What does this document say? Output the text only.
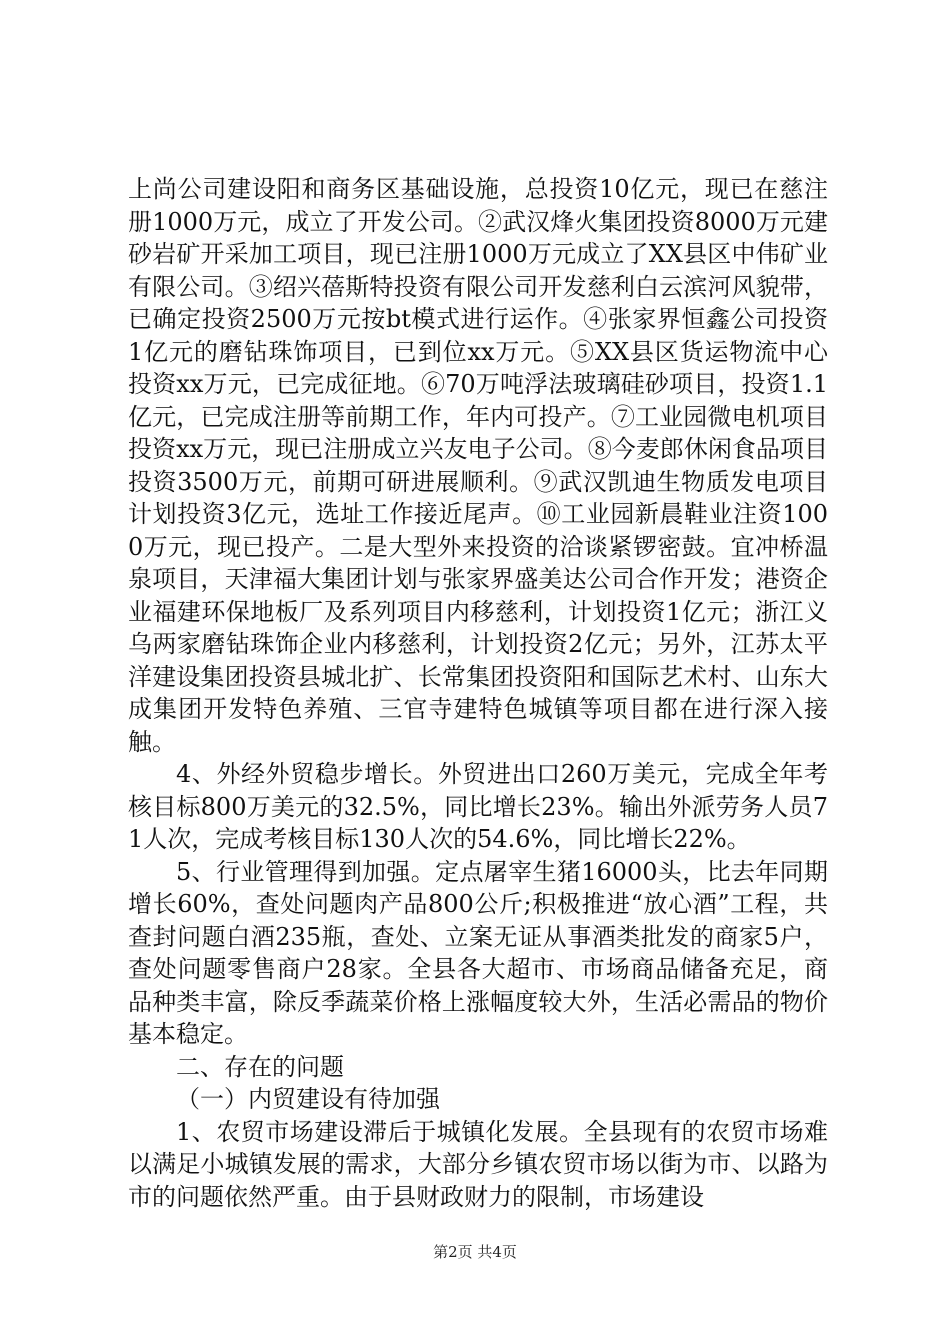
上尚公司建设阳和商务区基础设施，总投资10亿元，现已在慈注册1000万元，成立了开发公司。②武汉烽火集团投资8000万元建砂岩矿开采加工项目，现已注册1000万元成立了XX县区中伟矿业有限公司。③绍兴蓓斯特投资有限公司开发慈利白云滨河风貌带，已确定投资2500万元按bt模式进行运作。④张家界恒鑫公司投资1亿元的磨钻珠饰项目，已到位xx万元。⑤XX县区货运物流中心投资xx万元，已完成征地。⑥70万吨浮法玻璃硅砂项目，投资1.1亿元，已完成注册等前期工作，年内可投产。⑦工业园微电机项目投资xx万元，现已注册成立兴友电子公司。⑧今麦郎休闲食品项目投资3500万元，前期可研进展顺利。⑨武汉凯迪生物质发电项目计划投资3亿元，选址工作接近尾声。⑩工业园新晨鞋业注资1000万元，现已投产。二是大型外来投资的洽谈紧锣密鼓。宜冲桥温泉项目，天津福大集团计划与张家界盛美达公司合作开发；港资企业福建环保地板厂及系列项目内移慈利，计划投资1亿元；浙江义乌两家磨钻珠饰企业内移慈利，计划投资2亿元；另外，江苏太平洋建设集团投资县城北扩、长常集团投资阳和国际艺术村、山东大成集团开发特色养殖、三官寺建特色城镇等项目都在进行深入接触。

4、外经外贸稳步增长。外贸进出口260万美元，完成全年考核目标800万美元的32.5%，同比增长23%。输出外派劳务人员71人次，完成考核目标130人次的54.6%，同比增长22%。

5、行业管理得到加强。定点屠宰生猪16000头，比去年同期增长60%，查处问题肉产品800公斤;积极推进“放心酒”工程，共查封问题白酒235瓶，查处、立案无证从事酒类批发的商家5户，查处问题零售商户28家。全县各大超市、市场商品储备充足，商品种类丰富，除反季蔬菜价格上涨幅度较大外，生活必需品的物价基本稳定。

二、存在的问题

（一）内贸建设有待加强

1、农贸市场建设滞后于城镇化发展。全县现有的农贸市场难以满足小城镇发展的需求，大部分乡镇农贸市场以街为市、以路为市的问题依然严重。由于县财政财力的限制，市场建设

第2页 共4页
